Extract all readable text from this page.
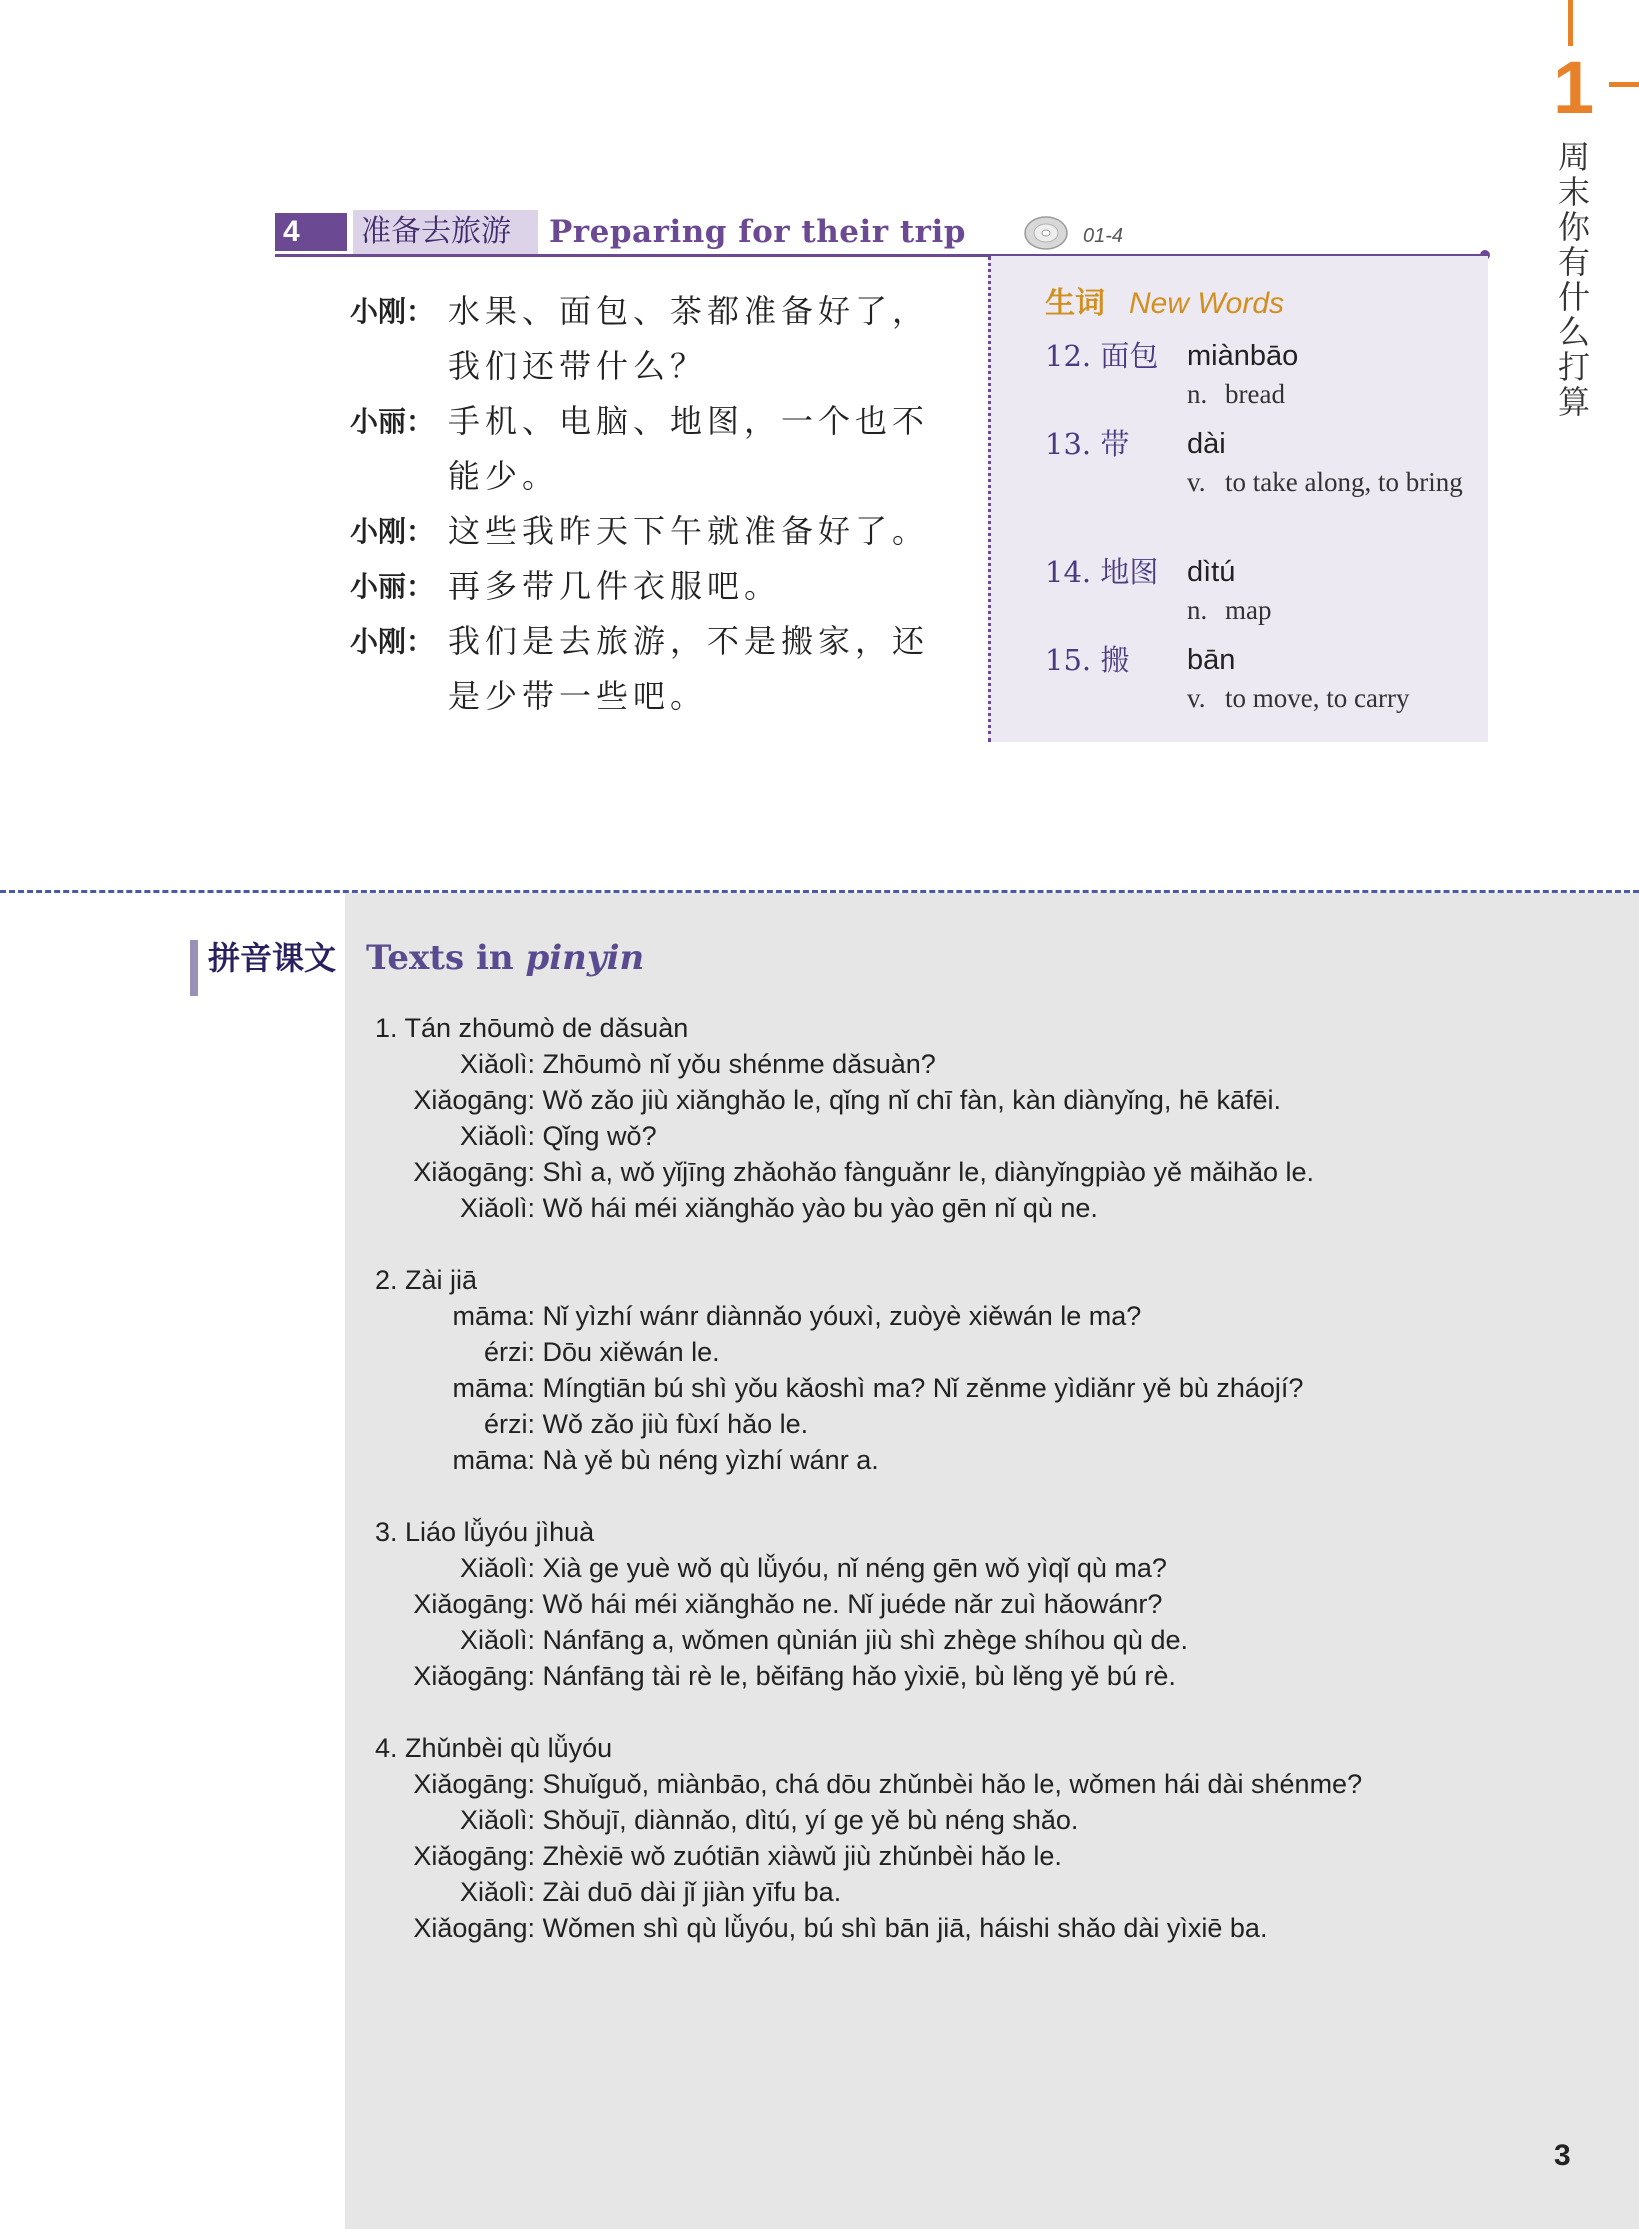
1
周末你有什么打算
4	准备去旅游	Preparing for their trip	01-4
小刚： 水果、面包、茶都准备好了，
我们还带什么？
小丽： 手机、电脑、地图，一个也不
能少。
小刚： 这些我昨天下午就准备好了。
小丽： 再多带几件衣服吧。
小刚： 我们是去旅游，不是搬家，还
是少带一些吧。
生词 New Words
12. 面包 miànbāo
n. bread
13. 带 dài
v. to take along, to bring
14. 地图 dìtú
n. map
15. 搬 bān
v. to move, to carry
拼音课文 Texts in pinyin
1. Tán zhōumò de dǎsuàn
Xiǎolì: Zhōumò nǐ yǒu shénme dǎsuàn?
Xiǎogāng: Wǒ zǎo jiù xiǎnghǎo le, qǐng nǐ chī fàn, kàn diànyǐng, hē kāfēi.
Xiǎolì: Qǐng wǒ?
Xiǎogāng: Shì a, wǒ yǐjīng zhǎohǎo fànguǎnr le, diànyǐngpiào yě mǎihǎo le.
Xiǎolì: Wǒ hái méi xiǎnghǎo yào bu yào gēn nǐ qù ne.
2. Zài jiā
māma: Nǐ yìzhí wánr diànnǎo yóuxì, zuòyè xiěwán le ma?
érzi: Dōu xiěwán le.
māma: Míngtiān bú shì yǒu kǎoshì ma? Nǐ zěnme yìdiǎnr yě bù zháojí?
érzi: Wǒ zǎo jiù fùxí hǎo le.
māma: Nà yě bù néng yìzhí wánr a.
3. Liáo lǚyóu jìhuà
Xiǎolì: Xià ge yuè wǒ qù lǚyóu, nǐ néng gēn wǒ yìqǐ qù ma?
Xiǎogāng: Wǒ hái méi xiǎnghǎo ne. Nǐ juéde nǎr zuì hǎowánr?
Xiǎolì: Nánfāng a, wǒmen qùnián jiù shì zhège shíhou qù de.
Xiǎogāng: Nánfāng tài rè le, běifāng hǎo yìxiē, bù lěng yě bú rè.
4. Zhǔnbèi qù lǚyóu
Xiǎogāng: Shuǐguǒ, miànbāo, chá dōu zhǔnbèi hǎo le, wǒmen hái dài shénme?
Xiǎolì: Shǒujī, diànnǎo, dìtú, yí ge yě bù néng shǎo.
Xiǎogāng: Zhèxiē wǒ zuótiān xiàwǔ jiù zhǔnbèi hǎo le.
Xiǎolì: Zài duō dài jǐ jiàn yīfu ba.
Xiǎogāng: Wǒmen shì qù lǚyóu, bú shì bān jiā, háishi shǎo dài yìxiē ba.
3
